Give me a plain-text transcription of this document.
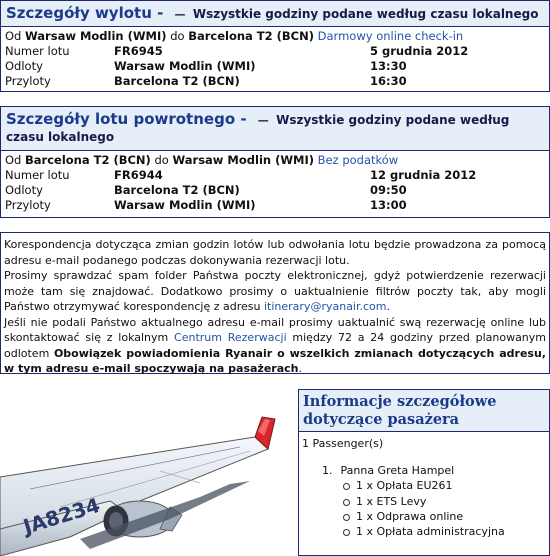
Szczegóły wylotu -   —  Wszystkie godziny podane według czasu lokalnego
Od Warsaw Modlin (WMI) do Barcelona T2 (BCN) Darmowy online check-in
Numer lotu	FR6945	5 grudnia 2012
Odloty	Warsaw Modlin (WMI)	13:30
Przyloty	Barcelona T2 (BCN)	16:30
Szczegóły lotu powrotnego -   —  Wszystkie godziny podane według czasu lokalnego
Od Barcelona T2 (BCN) do Warsaw Modlin (WMI) Bez podatków
Numer lotu	FR6944	12 grudnia 2012
Odloty	Barcelona T2 (BCN)	09:50
Przyloty	Warsaw Modlin (WMI)	13:00

Korespondencja dotycząca zmian godzin lotów lub odwołania lotu będzie prowadzona za pomocą adresu e-mail podanego podczas dokonywania rezerwacji lotu.

Prosimy sprawdzać spam folder Państwa poczty elektronicznej, gdyż potwierdzenie rezerwacji może tam się znajdować. Dodatkowo prosimy o uaktualnienie filtrów poczty tak, aby mogli Państwo otrzymywać korespondencję z adresu itinerary@ryanair.com.

Jeśli nie podali Państwo aktualnego adresu e-mail prosimy uaktualnić swą rezerwację online lub skontaktować się z lokalnym Centrum Rezerwacji między 72 a 24 godziny przed planowanym odlotem Obowiązek powiadomienia Ryanair o wszelkich zmianach dotyczących adresu, w tym adresu e-mail spoczywają na pasażerach.

JA8234
Informacje szczegółowe dotyczące pasażera
1 Passenger(s)
1. Panna Greta Hampel
1 x Opłata EU261
1 x ETS Levy
1 x Odprawa online
1 x Opłata administracyjna
